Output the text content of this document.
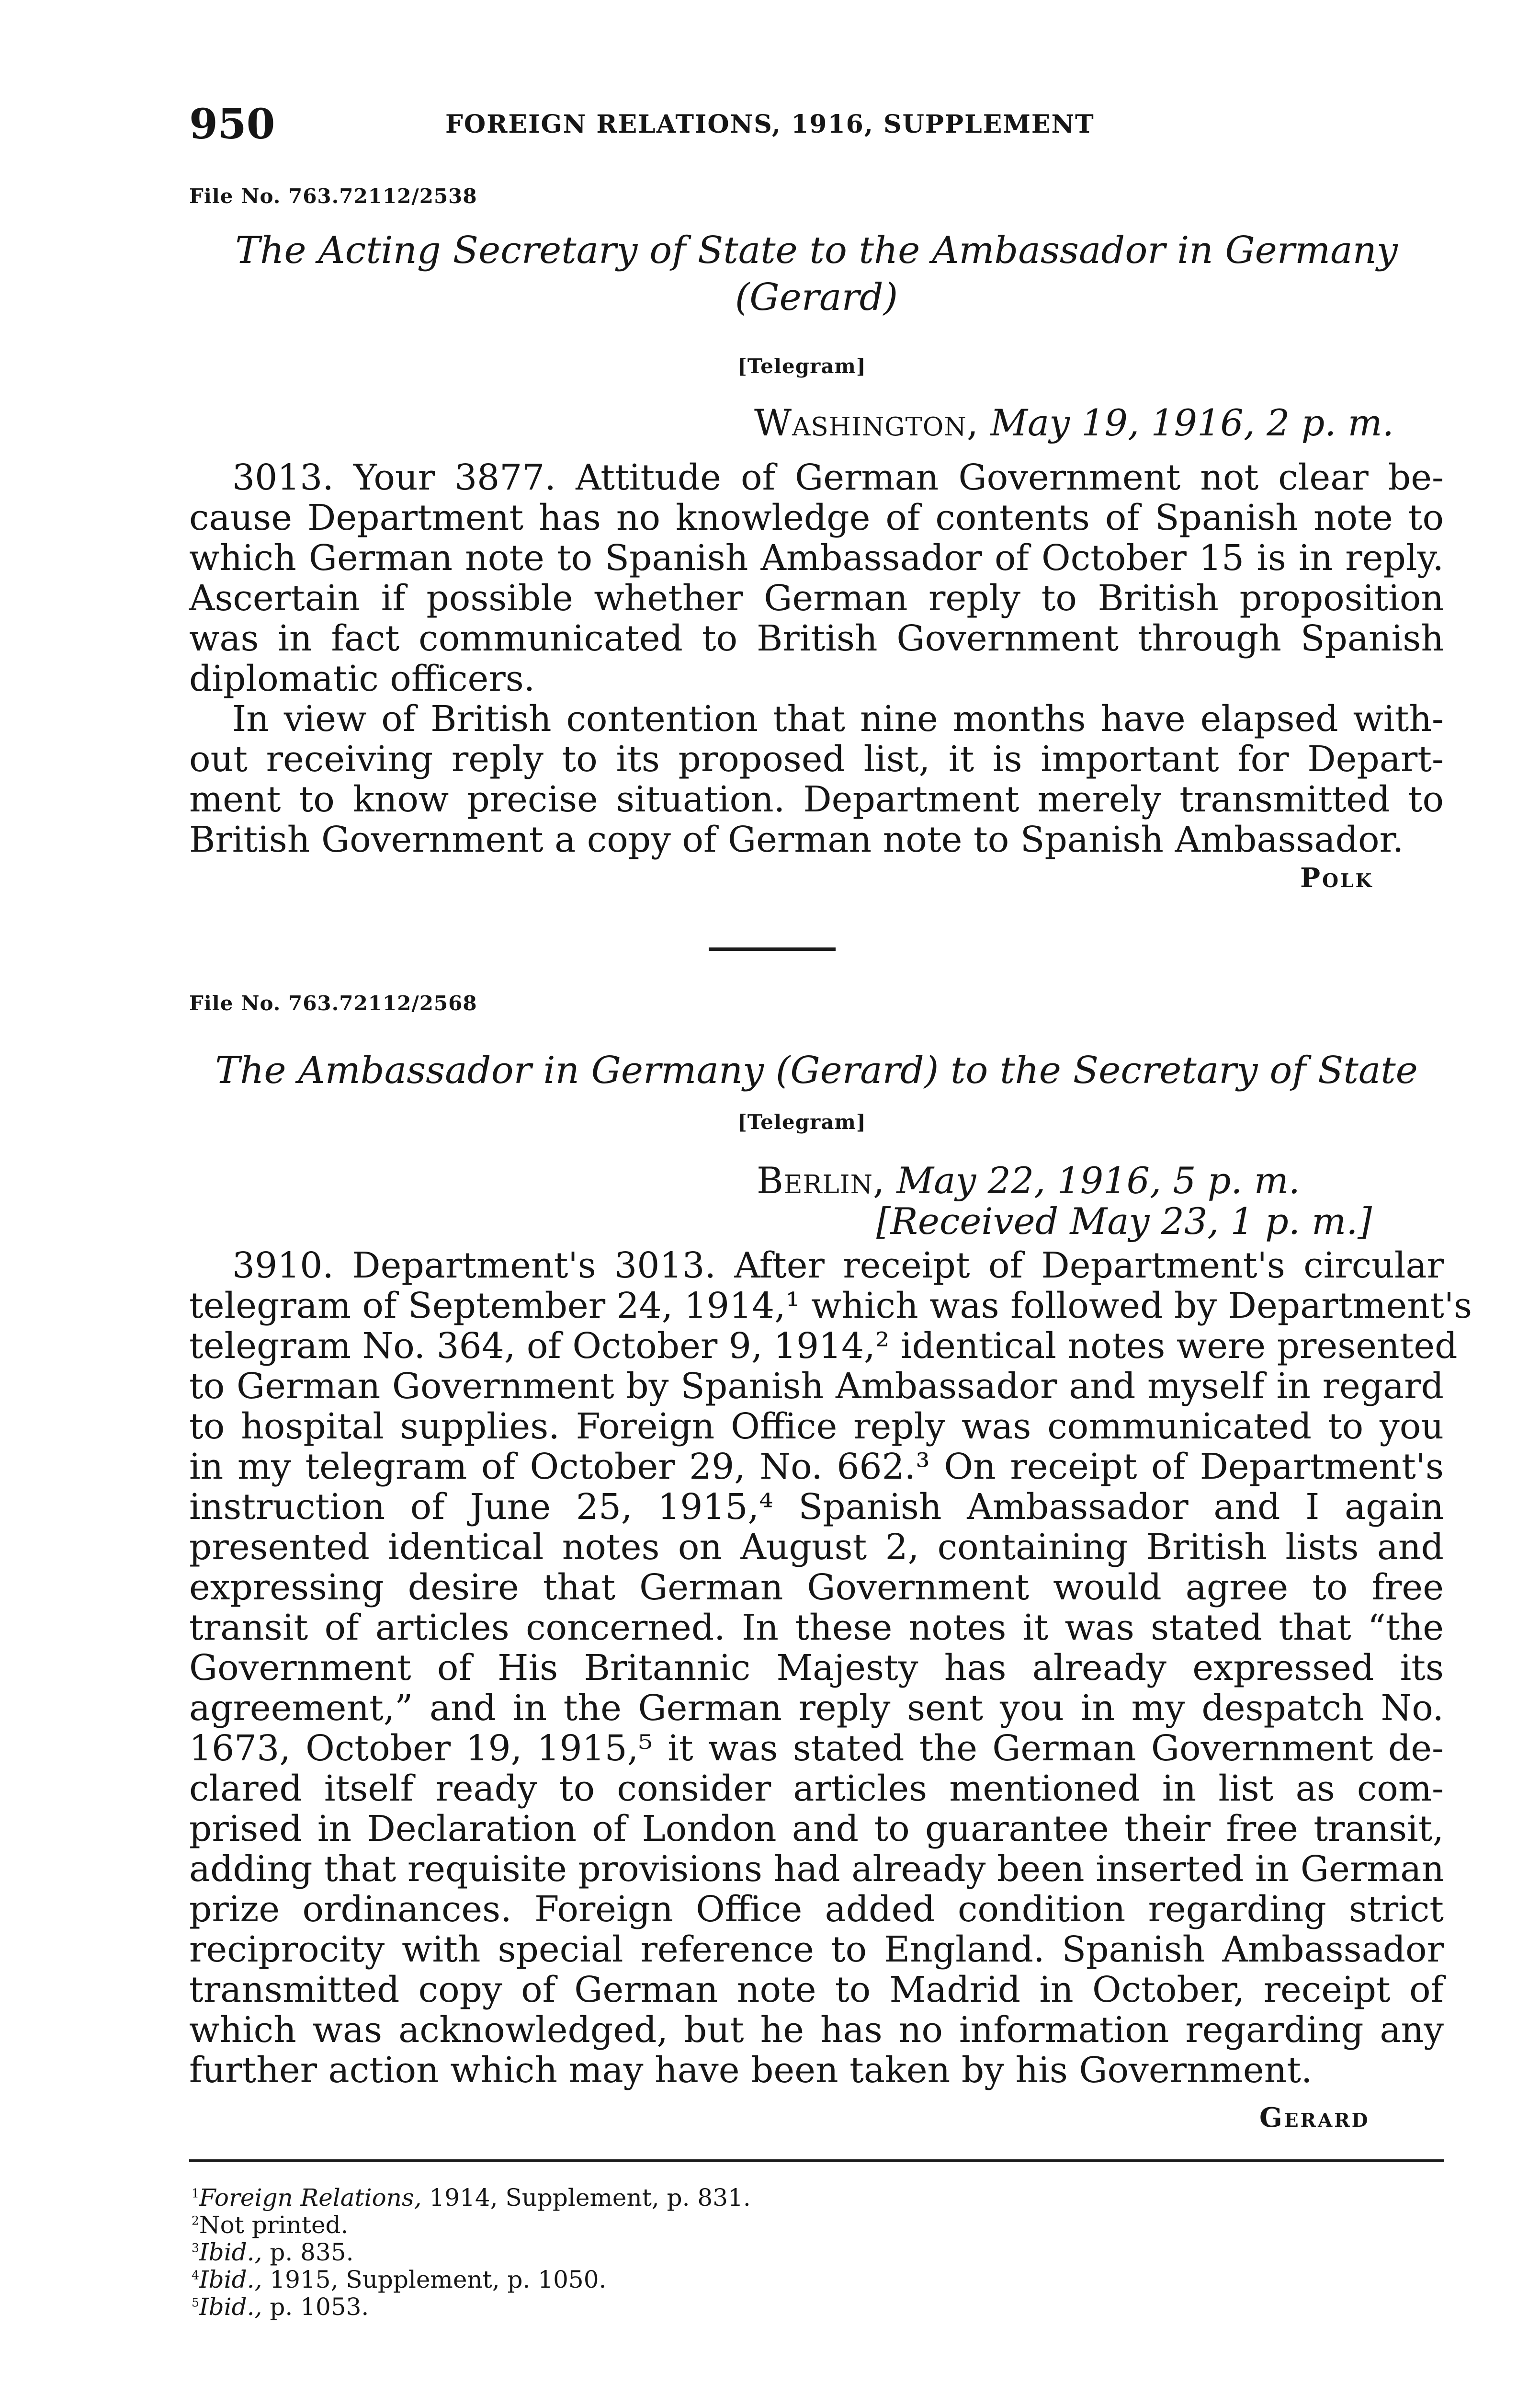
950	FOREIGN RELATIONS, 1916, SUPPLEMENT
File No. 763.72112/2538
The Acting Secretary of State to the Ambassador in Germany
(Gerard)
[Telegram]
Washington, May 19, 1916, 2 p. m.
3013. Your 3877. Attitude of German Government not clear be-
cause Department has no knowledge of contents of Spanish note to
which German note to Spanish Ambassador of October 15 is in reply.
Ascertain if possible whether German reply to British proposition
was in fact communicated to British Government through Spanish
diplomatic officers.
In view of British contention that nine months have elapsed with-
out receiving reply to its proposed list, it is important for Depart-
ment to know precise situation. Department merely transmitted to
British Government a copy of German note to Spanish Ambassador.
Polk
File No. 763.72112/2568
The Ambassador in Germany (Gerard) to the Secretary of State
[Telegram]
Berlin, May 22, 1916, 5 p. m.
[Received May 23, 1 p. m.]
3910. Department's 3013. After receipt of Department's circular
telegram of September 24, 1914,¹ which was followed by Department's
telegram No. 364, of October 9, 1914,² identical notes were presented
to German Government by Spanish Ambassador and myself in regard
to hospital supplies. Foreign Office reply was communicated to you
in my telegram of October 29, No. 662.³ On receipt of Department's
instruction of June 25, 1915,⁴ Spanish Ambassador and I again
presented identical notes on August 2, containing British lists and
expressing desire that German Government would agree to free
transit of articles concerned. In these notes it was stated that “the
Government of His Britannic Majesty has already expressed its
agreement,” and in the German reply sent you in my despatch No.
1673, October 19, 1915,⁵ it was stated the German Government de-
clared itself ready to consider articles mentioned in list as com-
prised in Declaration of London and to guarantee their free transit,
adding that requisite provisions had already been inserted in German
prize ordinances. Foreign Office added condition regarding strict
reciprocity with special reference to England. Spanish Ambassador
transmitted copy of German note to Madrid in October, receipt of
which was acknowledged, but he has no information regarding any
further action which may have been taken by his Government.
Gerard
$^1$Foreign Relations, 1914, Supplement, p. 831.
$^2$Not printed.
$^3$Ibid., p. 835.
$^4$Ibid., 1915, Supplement, p. 1050.
$^5$Ibid., p. 1053.
